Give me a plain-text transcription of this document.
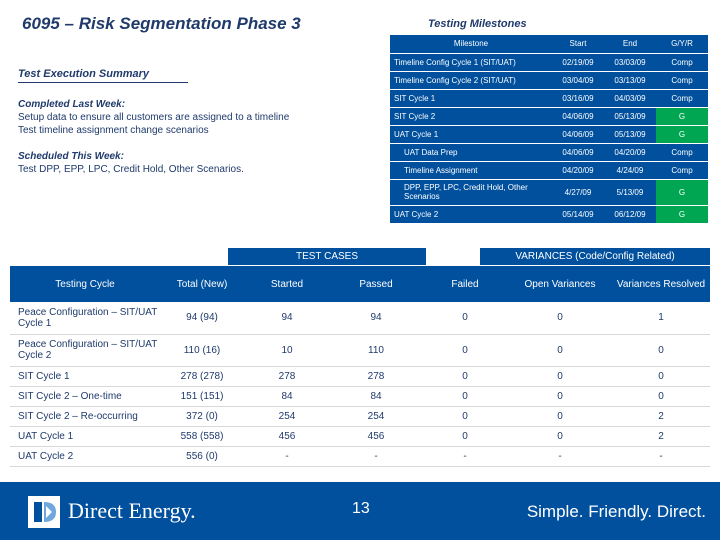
6095 – Risk Segmentation Phase 3	Testing Milestones
Milestone	Start	End	G/Y/R
Timeline Config Cycle 1 (SIT/UAT)	02/19/09	03/03/09	Comp
Timeline Config Cycle 2 (SIT/UAT)	03/04/09	03/13/09	Comp
SIT Cycle 1	03/16/09	04/03/09	Comp
SIT Cycle 2	04/06/09	05/13/09	G
UAT Cycle 1	04/06/09	05/13/09	G
UAT Data Prep	04/06/09	04/20/09	Comp
Timeline Assignment	04/20/09	4/24/09	Comp
DPP, EPP, LPC, Credit Hold, Other Scenarios	4/27/09	5/13/09	G
UAT Cycle 2	05/14/09	06/12/09	G
Test Execution Summary
Completed Last Week:
Setup data to ensure all customers are assigned to a timeline
Test timeline assignment change scenarios
Scheduled This Week:
Test DPP, EPP, LPC, Credit Hold, Other Scenarios.
TEST CASES	VARIANCES (Code/Config Related)
Testing Cycle	Total (New)	Started	Passed	Failed	Open Variances	Variances Resolved
Peace Configuration – SIT/UAT Cycle 1	94 (94)	94	94	0	0	1
Peace Configuration – SIT/UAT Cycle 2	110 (16)	10	110	0	0	0
SIT Cycle 1	278 (278)	278	278	0	0	0
SIT Cycle 2 – One-time	151 (151)	84	84	0	0	0
SIT Cycle 2 – Re-occurring	372 (0)	254	254	0	0	2
UAT Cycle 1	558 (558)	456	456	0	0	2
UAT Cycle 2	556 (0)	-	-	-	-	-
Direct Energy.	13	Simple. Friendly. Direct.
